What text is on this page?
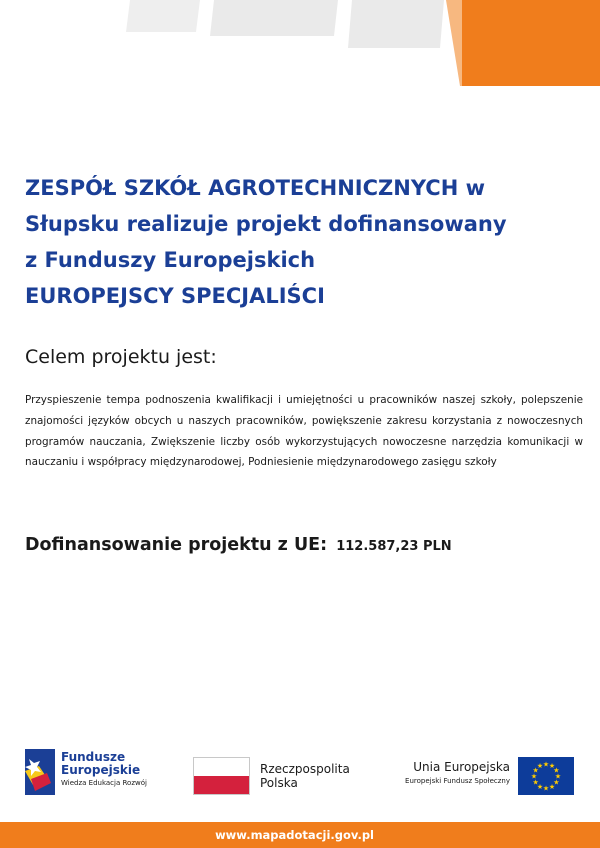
ZESPÓŁ SZKÓŁ AGROTECHNICZNYCH w
Słupsku realizuje projekt dofinansowany
z Funduszy Europejskich
EUROPEJSCY SPECJALIŚCI
Celem projektu jest:
Przyspieszenie tempa podnoszenia kwalifikacji i umiejętności u pracowników naszej szkoły, polepszenie znajomości języków obcych u naszych pracowników, powiększenie zakresu korzystania z nowoczesnych programów nauczania, Zwiększenie liczby osób wykorzystujących nowoczesne narzędzia komunikacji w nauczaniu i współpracy międzynarodowej, Podniesienie międzynarodowego zasięgu szkoły
Dofinansowanie projektu z UE: 112.587,23 PLN
Fundusze
Europejskie
Wiedza Edukacja Rozwój
Rzeczpospolita
Polska
Unia Europejska
Europejski Fundusz Społeczny
★
★
★
★
★
★
★
★
★ ★ ★
★
www.mapadotacji.gov.pl
